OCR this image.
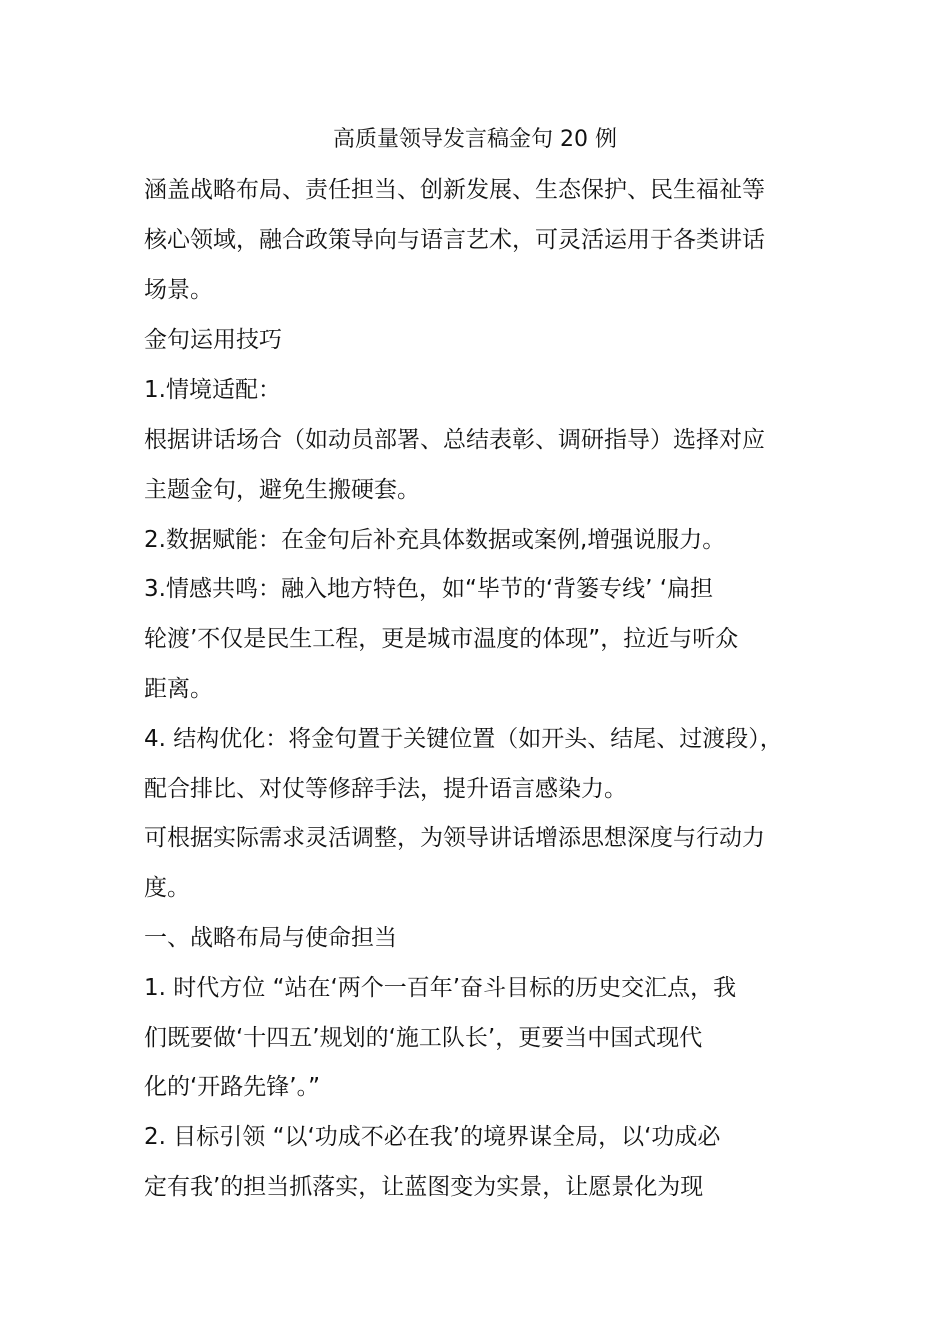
高质量领导发言稿金句 20 例
涵盖战略布局、责任担当、创新发展、生态保护、民生福祉等
核心领域，融合政策导向与语言艺术，可灵活运用于各类讲话
场景。
金句运用技巧
1.情境适配：
根据讲话场合（如动员部署、总结表彰、调研指导）选择对应
主题金句，避免生搬硬套。
2.数据赋能：在金句后补充具体数据或案例,增强说服力。
3.情感共鸣：融入地方特色，如“毕节的‘背篓专线’ ‘扁担
轮渡’不仅是民生工程，更是城市温度的体现”，拉近与听众
距离。
4. 结构优化：将金句置于关键位置（如开头、结尾、过渡段），
配合排比、对仗等修辞手法，提升语言感染力。
可根据实际需求灵活调整，为领导讲话增添思想深度与行动力
度。
一、战略布局与使命担当
1. 时代方位 “站在‘两个一百年’奋斗目标的历史交汇点，我
们既要做‘十四五’规划的‘施工队长’，更要当中国式现代
化的‘开路先锋’。”
2. 目标引领 “以‘功成不必在我’的境界谋全局，以‘功成必
定有我’的担当抓落实，让蓝图变为实景，让愿景化为现
